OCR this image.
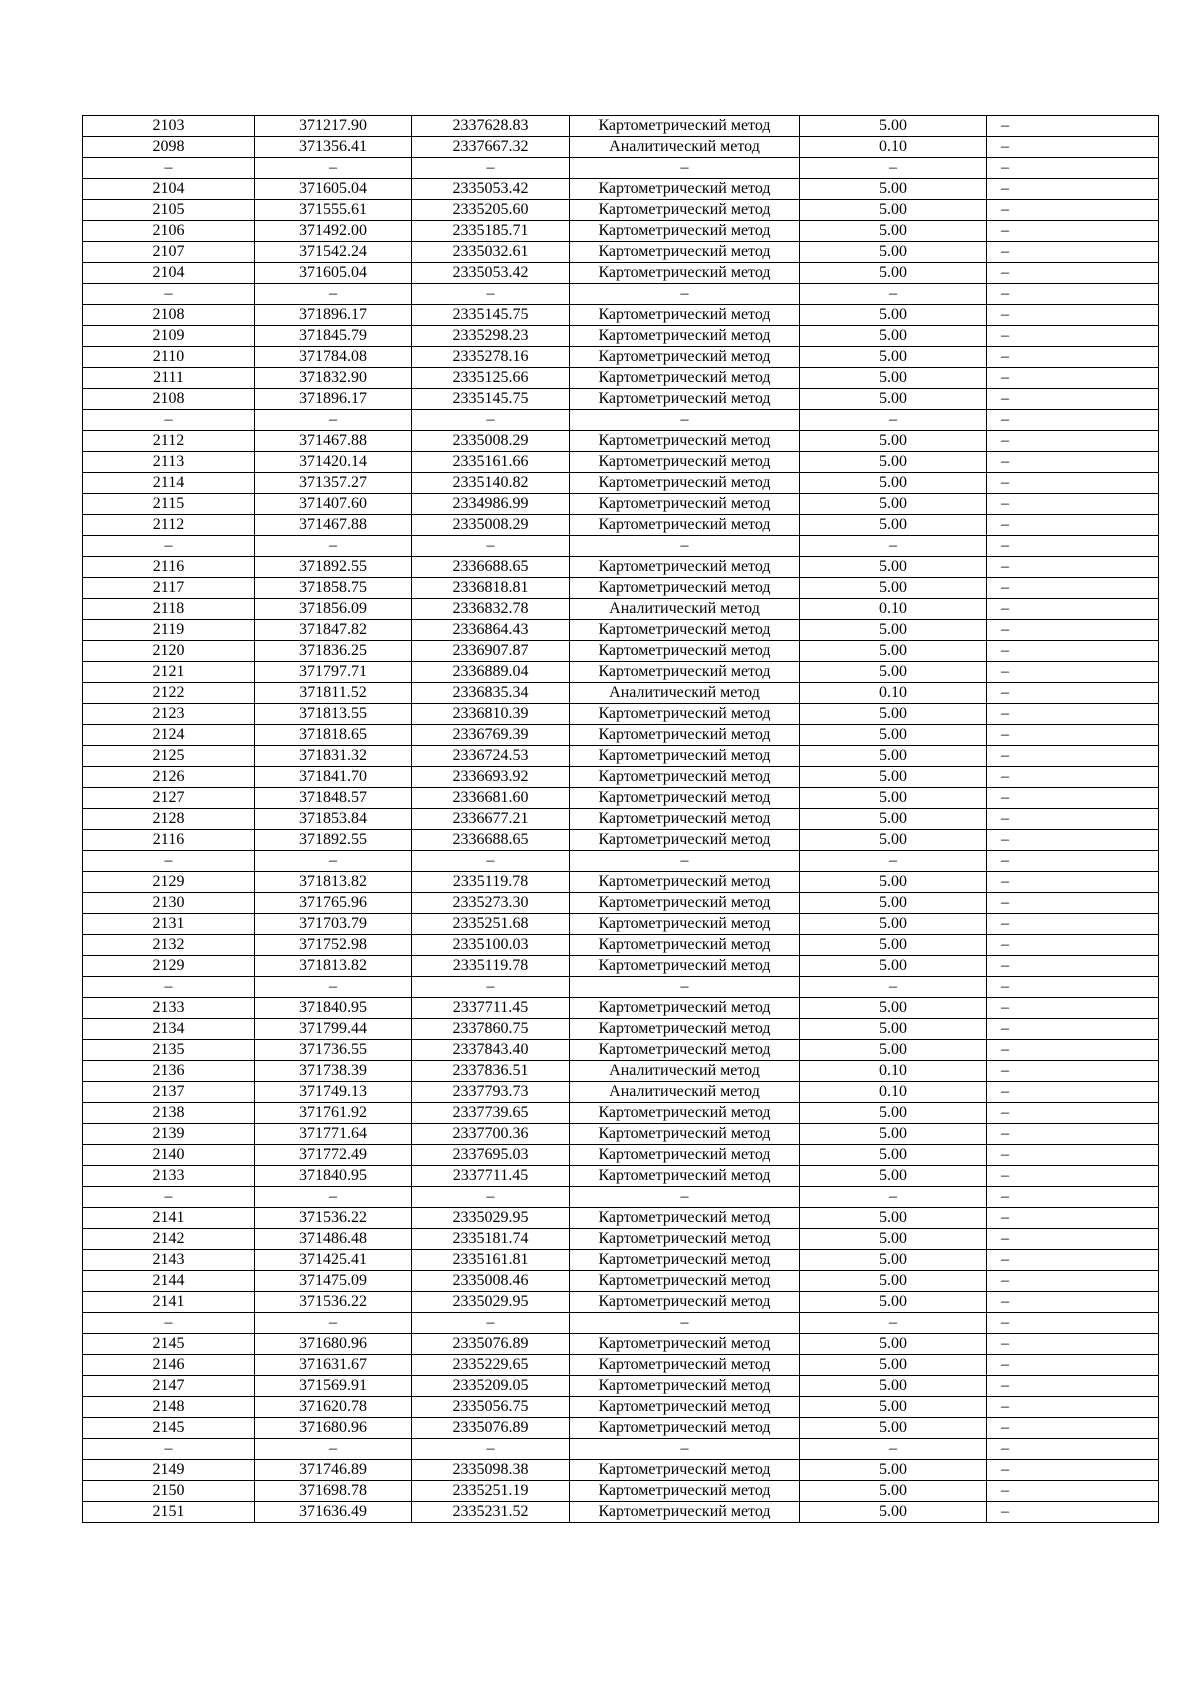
2103	371217.90	2337628.83	Картометрический метод	5.00	–
2098	371356.41	2337667.32	Аналитический метод	0.10	–
–	–	–	–	–	–
2104	371605.04	2335053.42	Картометрический метод	5.00	–
2105	371555.61	2335205.60	Картометрический метод	5.00	–
2106	371492.00	2335185.71	Картометрический метод	5.00	–
2107	371542.24	2335032.61	Картометрический метод	5.00	–
2104	371605.04	2335053.42	Картометрический метод	5.00	–
–	–	–	–	–	–
2108	371896.17	2335145.75	Картометрический метод	5.00	–
2109	371845.79	2335298.23	Картометрический метод	5.00	–
2110	371784.08	2335278.16	Картометрический метод	5.00	–
2111	371832.90	2335125.66	Картометрический метод	5.00	–
2108	371896.17	2335145.75	Картометрический метод	5.00	–
–	–	–	–	–	–
2112	371467.88	2335008.29	Картометрический метод	5.00	–
2113	371420.14	2335161.66	Картометрический метод	5.00	–
2114	371357.27	2335140.82	Картометрический метод	5.00	–
2115	371407.60	2334986.99	Картометрический метод	5.00	–
2112	371467.88	2335008.29	Картометрический метод	5.00	–
–	–	–	–	–	–
2116	371892.55	2336688.65	Картометрический метод	5.00	–
2117	371858.75	2336818.81	Картометрический метод	5.00	–
2118	371856.09	2336832.78	Аналитический метод	0.10	–
2119	371847.82	2336864.43	Картометрический метод	5.00	–
2120	371836.25	2336907.87	Картометрический метод	5.00	–
2121	371797.71	2336889.04	Картометрический метод	5.00	–
2122	371811.52	2336835.34	Аналитический метод	0.10	–
2123	371813.55	2336810.39	Картометрический метод	5.00	–
2124	371818.65	2336769.39	Картометрический метод	5.00	–
2125	371831.32	2336724.53	Картометрический метод	5.00	–
2126	371841.70	2336693.92	Картометрический метод	5.00	–
2127	371848.57	2336681.60	Картометрический метод	5.00	–
2128	371853.84	2336677.21	Картометрический метод	5.00	–
2116	371892.55	2336688.65	Картометрический метод	5.00	–
–	–	–	–	–	–
2129	371813.82	2335119.78	Картометрический метод	5.00	–
2130	371765.96	2335273.30	Картометрический метод	5.00	–
2131	371703.79	2335251.68	Картометрический метод	5.00	–
2132	371752.98	2335100.03	Картометрический метод	5.00	–
2129	371813.82	2335119.78	Картометрический метод	5.00	–
–	–	–	–	–	–
2133	371840.95	2337711.45	Картометрический метод	5.00	–
2134	371799.44	2337860.75	Картометрический метод	5.00	–
2135	371736.55	2337843.40	Картометрический метод	5.00	–
2136	371738.39	2337836.51	Аналитический метод	0.10	–
2137	371749.13	2337793.73	Аналитический метод	0.10	–
2138	371761.92	2337739.65	Картометрический метод	5.00	–
2139	371771.64	2337700.36	Картометрический метод	5.00	–
2140	371772.49	2337695.03	Картометрический метод	5.00	–
2133	371840.95	2337711.45	Картометрический метод	5.00	–
–	–	–	–	–	–
2141	371536.22	2335029.95	Картометрический метод	5.00	–
2142	371486.48	2335181.74	Картометрический метод	5.00	–
2143	371425.41	2335161.81	Картометрический метод	5.00	–
2144	371475.09	2335008.46	Картометрический метод	5.00	–
2141	371536.22	2335029.95	Картометрический метод	5.00	–
–	–	–	–	–	–
2145	371680.96	2335076.89	Картометрический метод	5.00	–
2146	371631.67	2335229.65	Картометрический метод	5.00	–
2147	371569.91	2335209.05	Картометрический метод	5.00	–
2148	371620.78	2335056.75	Картометрический метод	5.00	–
2145	371680.96	2335076.89	Картометрический метод	5.00	–
–	–	–	–	–	–
2149	371746.89	2335098.38	Картометрический метод	5.00	–
2150	371698.78	2335251.19	Картометрический метод	5.00	–
2151	371636.49	2335231.52	Картометрический метод	5.00	–
